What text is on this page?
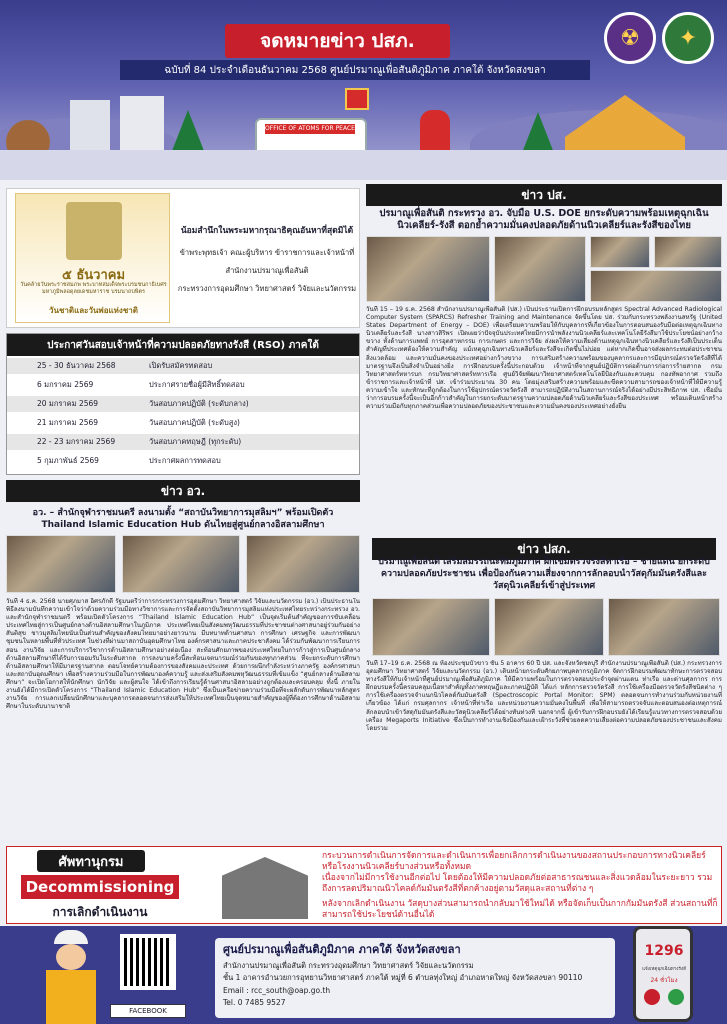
OFFICE OF ATOMS FOR PEACE
☢	✦
จดหมายข่าว ปสภ.
ฉบับที่ 84 ประจำเดือนธันวาคม 2568 ศูนย์ปรมาณูเพื่อสันติภูมิภาค ภาคใต้ จังหวัดสงขลา
๕ ธันวาคม
วันคล้ายวันพระราชสมภพ พระบาทสมเด็จพระบรมชนกาธิเบศร มหาภูมิพลอดุลยเดชมหาราช บรมนาถบพิตร
วันชาติและวันพ่อแห่งชาติ
น้อมสำนึกในพระมหากรุณาธิคุณอันหาที่สุดมิได้
ข้าพระพุทธเจ้า คณะผู้บริหาร ข้าราชการและเจ้าหน้าที่
สำนักงานปรมาณูเพื่อสันติ
กระทรวงการอุดมศึกษา วิทยาศาสตร์ วิจัยและนวัตกรรม
ประกาศวันสอบเจ้าหน้าที่ความปลอดภัยทางรังสี (RSO) ภาคใต้
25 - 30 ธันวาคม 2568	เปิดรับสมัครทดสอบ
6 มกราคม 2569	ประกาศรายชื่อผู้มีสิทธิ์ทดสอบ
20 มกราคม 2569	วันสอบภาคปฏิบัติ (ระดับกลาง)
21 มกราคม 2569	วันสอบภาคปฏิบัติ (ระดับสูง)
22 - 23 มกราคม 2569	วันสอบภาคทฤษฎี (ทุกระดับ)
5 กุมภาพันธ์ 2569	ประกาศผลการทดสอบ
ข่าว อว.
อว. – สำนักจุฬาราชมนตรี ลงนามตั้ง “สถาบันวิทยาการมุสลิมฯ” พร้อมเปิดตัว
Thailand Islamic Education Hub ดันไทยสู่ศูนย์กลางอิสลามศึกษา
วันที่ 4 ธ.ค. 2568 นายศุภมาส อิศรภักดี รัฐมนตรีว่าการกระทรวงการอุดมศึกษา วิทยาศาสตร์ วิจัยและนวัตกรรม (อว.) เป็นประธานในพิธีลงนามบันทึกความเข้าใจว่าด้วยความร่วมมือทางวิชาการและการจัดตั้งสถาบันวิทยาการมุสลิมแห่งประเทศไทยระหว่างกระทรวง อว. และสำนักจุฬาราชมนตรี พร้อมเปิดตัวโครงการ “Thailand Islamic Education Hub” เป็นจุดเริ่มต้นสำคัญของการขับเคลื่อนประเทศไทยสู่การเป็นศูนย์กลางด้านอิสลามศึกษาในภูมิภาค ประเทศไทยเป็นสังคมพหุวัฒนธรรมที่ประชาชนต่างศาสนาอยู่ร่วมกันอย่างสันติสุข ชาวมุสลิมไทยนับเป็นส่วนสำคัญของสังคมไทยมาอย่างยาวนาน มีบทบาทด้านศาสนา การศึกษา เศรษฐกิจ และการพัฒนาชุมชนในหลายพื้นที่ทั่วประเทศ ในช่วงที่ผ่านมาสถาบันอุดมศึกษาไทย องค์กรศาสนาและภาคประชาสังคม ได้ร่วมกันพัฒนาการเรียนการสอน งานวิจัย และการบริการวิชาการด้านอิสลามศึกษาอย่างต่อเนื่อง สะท้อนศักยภาพของประเทศไทยในการก้าวสู่การเป็นศูนย์กลางด้านอิสลามศึกษาที่ได้รับการยอมรับในระดับสากล การลงนามครั้งนี้สะท้อนเจตนารมณ์ร่วมกันของทุกภาคส่วน ที่จะยกระดับการศึกษาด้านอิสลามศึกษาให้มีมาตรฐานสากล ตอบโจทย์ความต้องการของสังคมและประเทศ ด้วยการผนึกกำลังระหว่างภาครัฐ องค์กรศาสนา และสถาบันอุดมศึกษา เพื่อสร้างความร่วมมือในการพัฒนาองค์ความรู้ และส่งเสริมสังคมพหุวัฒนธรรมที่เข้มแข็ง “ศูนย์กลางด้านอิสลามศึกษา” จะเปิดโอกาสให้นักศึกษา นักวิจัย และผู้สนใจ ได้เข้าถึงการเรียนรู้ด้านศาสนาอิสลามอย่างถูกต้องและครอบคลุม ทั้งนี้ ภายในงานยังได้มีการเปิดตัวโครงการ “Thailand Islamic Education Hub” ซึ่งเป็นเครือข่ายความร่วมมือที่จะผลักดันการพัฒนาหลักสูตร งานวิจัย การแลกเปลี่ยนนักศึกษาและบุคลากรตลอดจนการส่งเสริมให้ประเทศไทยเป็นจุดหมายสำคัญของผู้ที่ต้องการศึกษาด้านอิสลามศึกษาในระดับนานาชาติ
ข่าว ปส.
ปรมาณูเพื่อสันติ กระทรวง อว. จับมือ U.S. DOE ยกระดับความพร้อมเหตุฉุกเฉิน
นิวเคลียร์-รังสี ตอกย้ำความมั่นคงปลอดภัยด้านนิวเคลียร์และรังสีของไทย
วันที่ 15 – 19 ธ.ค. 2568 สำนักงานปรมาณูเพื่อสันติ (ปส.) เป็นประธานเปิดการฝึกอบรมหลักสูตร Spectral Advanced Radiological Computer System (SPARCS) Refresher Training and Maintenance จัดขึ้นโดย ปส. ร่วมกับกระทรวงพลังงานสหรัฐ (United States Department of Energy – DOE) เพื่อเตรียมความพร้อมให้กับบุคลากรที่เกี่ยวข้องในการตอบสนองรับมือต่อเหตุฉุกเฉินทางนิวเคลียร์และรังสี นางสาวสิริพร เปิดเผยว่าปัจจุบันประเทศไทยมีการนำพลังงานนิวเคลียร์และเทคโนโลยีรังสีมาใช้ประโยชน์อย่างกว้างขวาง ทั้งด้านการแพทย์ การอุตสาหกรรม การเกษตร และการวิจัย ส่งผลให้ความเสี่ยงด้านเหตุฉุกเฉินทางนิวเคลียร์และรังสีเป็นประเด็นสำคัญที่ประเทศต้องให้ความสำคัญ แม้เหตุฉุกเฉินทางนิวเคลียร์และรังสีจะเกิดขึ้นไม่บ่อย แต่หากเกิดขึ้นอาจส่งผลกระทบต่อประชาชน สิ่งแวดล้อม และความมั่นคงของประเทศอย่างกว้างขวาง การเสริมสร้างความพร้อมของบุคลากรและการมีอุปกรณ์ตรวจวัดรังสีที่ได้มาตรฐานจึงเป็นสิ่งจำเป็นอย่างยิ่ง การฝึกอบรมครั้งนี้ประกอบด้วย เจ้าหน้าที่จากศูนย์ปฏิบัติการต่อต้านการก่อการร้ายสากล กรมวิทยาศาสตร์ทหารบก กรมวิทยาศาสตร์ทหารเรือ ศูนย์วิจัยพัฒนาวิทยาศาสตร์เทคโนโลยีป้องกันและควบคุม กองทัพอากาศ รวมถึงข้าราชการและเจ้าหน้าที่ ปส. เข้าร่วมประมาณ 30 คน โดยมุ่งเสริมสร้างความพร้อมและขีดความสามารถของเจ้าหน้าที่ให้มีความรู้ ความเข้าใจ และทักษะที่ถูกต้องในการใช้อุปกรณ์ตรวจวัดรังสี สามารถปฏิบัติงานในสถานการณ์จริงได้อย่างมีประสิทธิภาพ ปส. เชื่อมั่นว่าการอบรมครั้งนี้จะเป็นอีกก้าวสำคัญในการยกระดับมาตรฐานความปลอดภัยด้านนิวเคลียร์และรังสีของประเทศ พร้อมเดินหน้าสร้างความร่วมมือกับทุกภาคส่วนเพื่อความปลอดภัยของประชาชนและความมั่นคงของประเทศอย่างยั่งยืน
ข่าว ปสภ.
ปรมาณูเพื่อสันติ เสริมสมรรถนะทีมภูมิภาค ฝึกเข้มตรวจรังสีท่าเรือ – ชายแดน ยกระดับ
ความปลอดภัยประชาชน เพื่อป้องกันความเสี่ยงจากการลักลอบนำวัสดุกัมมันตรังสีและ
วัสดุนิวเคลียร์เข้าสู่ประเทศ
วันที่ 17–19 ธ.ค. 2568 ณ ห้องประชุมบัวขาว ชั้น 5 อาคาร 60 ปี ปส. และจังหวัดชลบุรี สำนักงานปรมาณูเพื่อสันติ (ปส.) กระทรวงการอุดมศึกษา วิทยาศาสตร์ วิจัยและนวัตกรรม (อว.) เดินหน้ายกระดับศักยภาพบุคลากรภูมิภาค จัดการฝึกอบรมพัฒนาทักษะการตรวจสอบทางรังสีให้กับเจ้าหน้าที่ศูนย์ปรมาณูเพื่อสันติภูมิภาค ให้มีความพร้อมในการตรวจสอบประจำจุดผ่านแดน ท่าเรือ และด่านศุลกากร การฝึกอบรมครั้งนี้ครอบคลุมเนื้อหาสำคัญทั้งภาคทฤษฎีและภาคปฏิบัติ ได้แก่ หลักการตรวจวัดรังสี การใช้เครื่องมือตรวจวัดรังสีชนิดต่าง ๆ การใช้เครื่องตรวจจำแนกนิวไคลด์กัมมันตรังสี (Spectroscopic Portal Monitor: SPM) ตลอดจนการทำงานร่วมกับหน่วยงานที่เกี่ยวข้อง ได้แก่ กรมศุลกากร เจ้าหน้าที่ท่าเรือ และหน่วยงานความมั่นคงในพื้นที่ เพื่อให้สามารถตรวจจับและตอบสนองต่อเหตุการณ์ลักลอบนำเข้าวัสดุกัมมันตรังสีและวัสดุนิวเคลียร์ได้อย่างทันท่วงที นอกจากนี้ ผู้เข้ารับการฝึกอบรมยังได้เรียนรู้แนวทางการตรวจสอบด้วยเครื่อง Megaports Initiative ซึ่งเป็นการทำงานเชิงป้องกันและเฝ้าระวังที่ช่วยลดความเสี่ยงต่อความปลอดภัยของประชาชนและสังคมโดยรวม
ศัพทานุกรม
Decommissioning
การเลิกดำเนินงาน
กระบวนการดำเนินการจัดการและดำเนินการเพื่อยกเลิกการดำเนินงานของสถานประกอบการทางนิวเคลียร์หรือโรงงานนิวเคลียร์บางส่วนหรือทั้งหมด
เนื่องจากไม่มีการใช้งานอีกต่อไป โดยต้องให้มีความปลอดภัยต่อสาธารณชนและสิ่งแวดล้อมในระยะยาว รวมถึงการลดปริมาณนิวไคลด์กัมมันตรังสีที่ตกค้างอยู่ตามวัสดุและสถานที่ต่าง ๆ
หลังจากเลิกดำเนินงาน วัสดุบางส่วนสามารถนำกลับมาใช้ใหม่ได้ หรือจัดเก็บเป็นกากกัมมันตรังสี ส่วนสถานที่ก็สามารถใช้ประโยชน์ด้านอื่นได้
FACEBOOK
ศูนย์ปรมาณูเพื่อสันติภูมิภาค ภาคใต้ จังหวัดสงขลา
สำนักงานปรมาณูเพื่อสันติ กระทรวงอุดมศึกษา วิทยาศาสตร์ วิจัยและนวัตกรรม
ชั้น 1 อาคารอำนวยการอุทยานวิทยาศาสตร์ ภาคใต้ หมู่ที่ 6 ตำบลทุ่งใหญ่ อำเภอหาดใหญ่ จังหวัดสงขลา 90110
Email : rcc_south@oap.go.th
Tel. 0 7485 9527
1296
แจ้งเหตุฉุกเฉินทางรังสี
24 ชั่วโมง
